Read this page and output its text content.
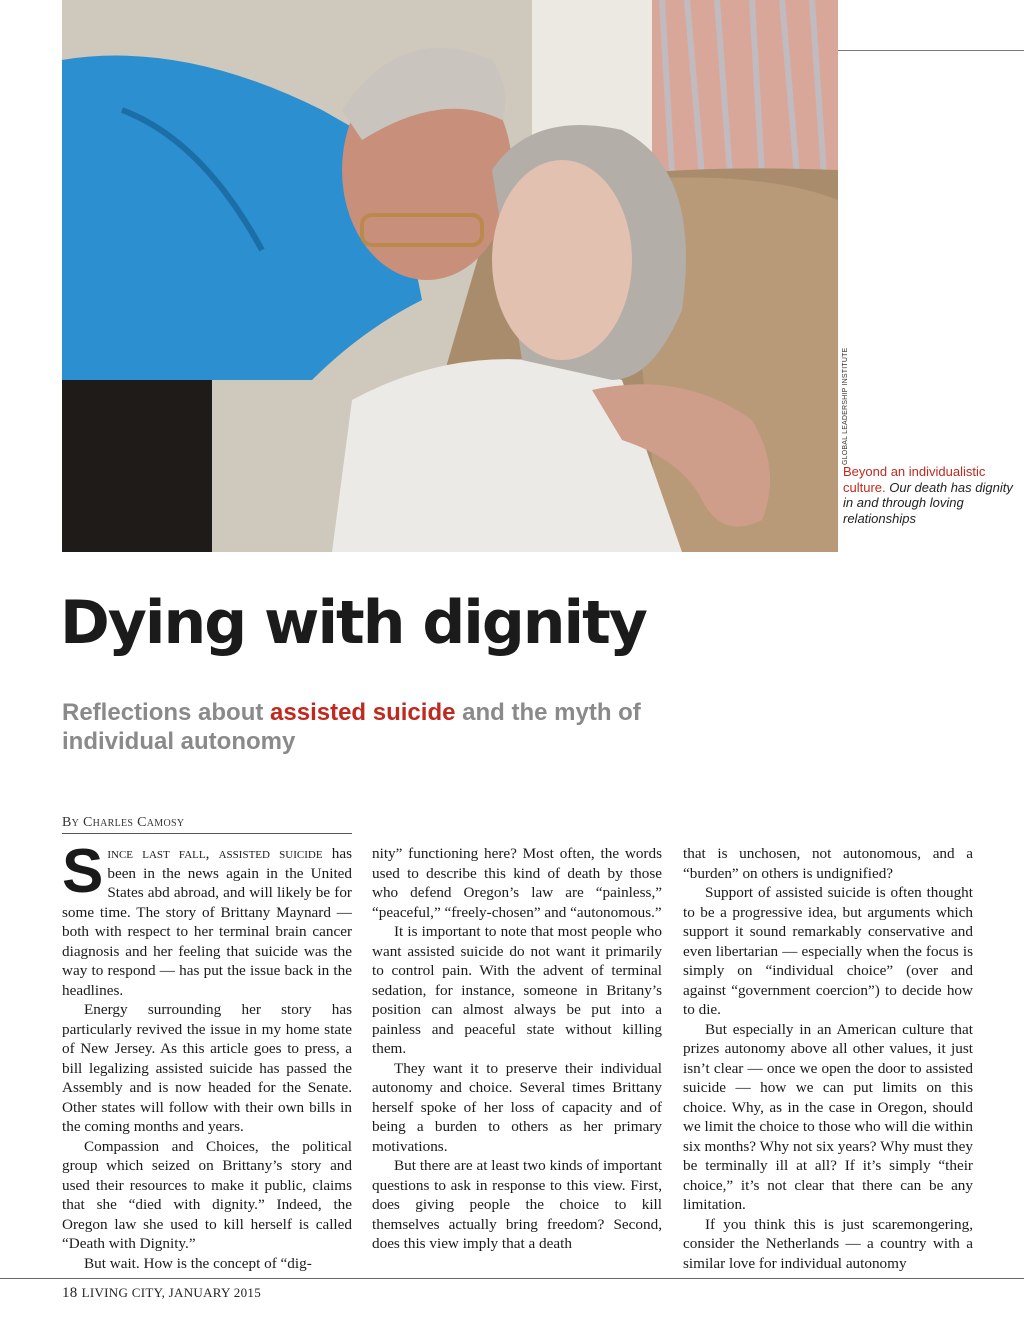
GLOBAL LEADERSHIP INSTITUTE
Beyond an individualistic culture. Our death has dignity in and through loving relationships
Dying with dignity
Reflections about assisted suicide and the myth of individual autonomy
By Charles Camosy

Since last fall, assisted suicide has been in the news again in the United States abd abroad, and will likely be for some time. The story of Brittany Maynard — both with respect to her terminal brain cancer diagnosis and her feeling that suicide was the way to respond — has put the issue back in the headlines.

Energy surrounding her story has particularly revived the issue in my home state of New Jersey. As this article goes to press, a bill legalizing assisted suicide has passed the Assembly and is now headed for the Senate. Other states will follow with their own bills in the coming months and years.

Compassion and Choices, the political group which seized on Brittany’s story and used their resources to make it public, claims that she “died with dignity.” Indeed, the Oregon law she used to kill herself is called “Death with Dignity.”

But wait. How is the concept of “dig-

nity” functioning here? Most often, the words used to describe this kind of death by those who defend Oregon’s law are “painless,” “peaceful,” “freely-chosen” and “autonomous.”

It is important to note that most people who want assisted suicide do not want it primarily to control pain. With the advent of terminal sedation, for instance, someone in Britany’s position can almost always be put into a painless and peaceful state without killing them.

They want it to preserve their individual autonomy and choice. Several times Brittany herself spoke of her loss of capacity and of being a burden to others as her primary motivations.

But there are at least two kinds of important questions to ask in response to this view. First, does giving people the choice to kill themselves actually bring freedom? Second, does this view imply that a death

that is unchosen, not autonomous, and a “burden” on others is undignified?

Support of assisted suicide is often thought to be a progressive idea, but arguments which support it sound remarkably conservative and even libertarian — especially when the focus is simply on “individual choice” (over and against “government coercion”) to decide how to die.

But especially in an American culture that prizes autonomy above all other values, it just isn’t clear — once we open the door to assisted suicide — how we can put limits on this choice. Why, as in the case in Oregon, should we limit the choice to those who will die within six months? Why not six years? Why must they be terminally ill at all? If it’s simply “their choice,” it’s not clear that there can be any limitation.

If you think this is just scaremongering, consider the Netherlands — a country with a similar love for individual autonomy

18 LIVING CITY, JANUARY 2015
